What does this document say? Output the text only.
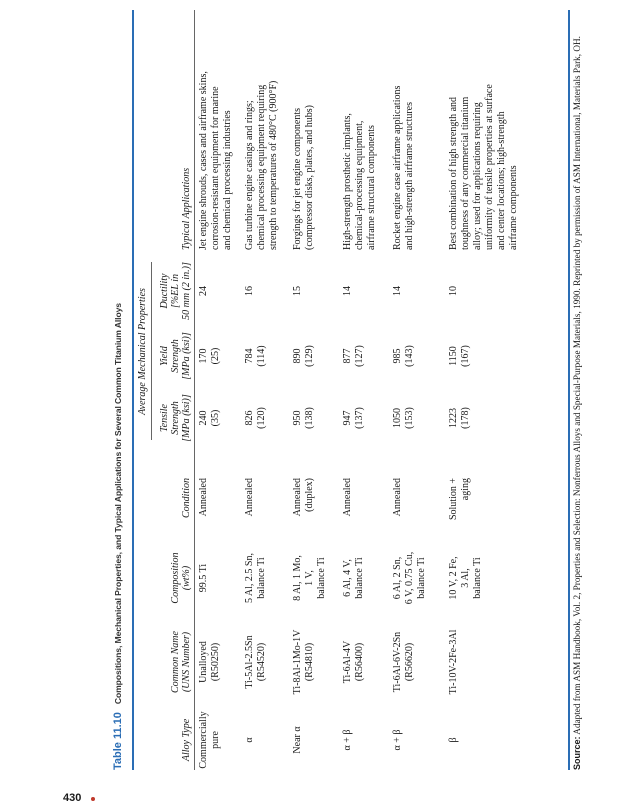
430
Table 11.10Compositions, Mechanical Properties, and Typical Applications for Several Common Titanium Alloys	Average Mechanical Properties
Alloy Type
Common Name (UNS Number)
Composition (wt%)
Condition
Tensile Strength [MPa (ksi)]
Yield Strength [MPa (ksi)]
Ductility [%EL in 50 mm (2 in.)]
Typical Applications
Commercially pure
Unalloyed (R50250)
99.5 Ti
Annealed
240 (35)
170 (25)
24
Jet engine shrouds, cases and airframe skins, corrosion-resistant equipment for marine and chemical processing industries
α
Ti-5Al-2.5Sn (R54520)
5 Al, 2.5 Sn, balance Ti
Annealed
826 (120)
784 (114)
16
Gas turbine engine casings and rings; chemical processing equipment requiring strength to temperatures of 480°C (900°F)
Near α
Ti-8Al-1Mo-1V (R54810)
8 Al, 1 Mo, 1 V, balance Ti
Annealed (duplex)
950 (138)
890 (129)
15
Forgings for jet engine components (compressor disks, plates, and hubs)
α + β
Ti-6Al-4V (R56400)
6 Al, 4 V, balance Ti
Annealed
947 (137)
877 (127)
14
High-strength prosthetic implants, chemical-processing equipment, airframe structural components
α + β
Ti-6Al-6V-2Sn (R56620)
6 Al, 2 Sn, 6 V, 0.75 Cu, balance Ti
Annealed
1050 (153)
985 (143)
14
Rocket engine case airframe applications and high-strength airframe structures
β
Ti-10V-2Fe-3Al
10 V, 2 Fe, 3 Al, balance Ti
Solution + aging
1223 (178)
1150 (167)
10
Best combination of high strength and toughness of any commercial titanium alloy; used for applications requiring uniformity of tensile properties at surface and center locations; high-strength airframe components
Source: Adapted from ASM Handbook, Vol. 2, Properties and Selection: Nonferrous Alloys and Special-Purpose Materials, 1990. Reprinted by permission of ASM International, Materials Park, OH.
